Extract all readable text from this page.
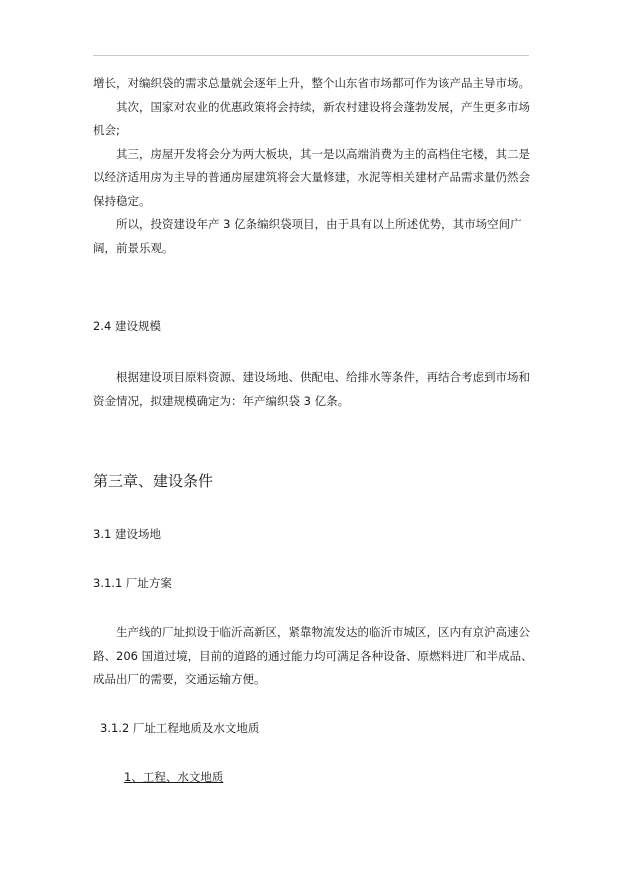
增长，对编织袋的需求总量就会逐年上升，整个山东省市场都可作为该产品主导市场。

其次，国家对农业的优惠政策将会持续，新农村建设将会蓬勃发展，产生更多市场机会;

其三，房屋开发将会分为两大板块，其一是以高端消费为主的高档住宅楼，其二是以经济适用房为主导的普通房屋建筑将会大量修建，水泥等相关建材产品需求量仍然会保持稳定。

所以，投资建设年产 3 亿条编织袋项目，由于具有以上所述优势，其市场空间广阔，前景乐观。

2.4 建设规模

根据建设项目原料资源、建设场地、供配电、给排水等条件，再结合考虑到市场和资金情况，拟建规模确定为：年产编织袋 3 亿条。

第三章、建设条件
3.1 建设场地
3.1.1 厂址方案

生产线的厂址拟设于临沂高新区，紧靠物流发达的临沂市城区，区内有京沪高速公路、206 国道过境，目前的道路的通过能力均可满足各种设备、原燃料进厂和半成品、成品出厂的需要，交通运输方便。

3.1.2 厂址工程地质及水文地质
1、工程、水文地质
